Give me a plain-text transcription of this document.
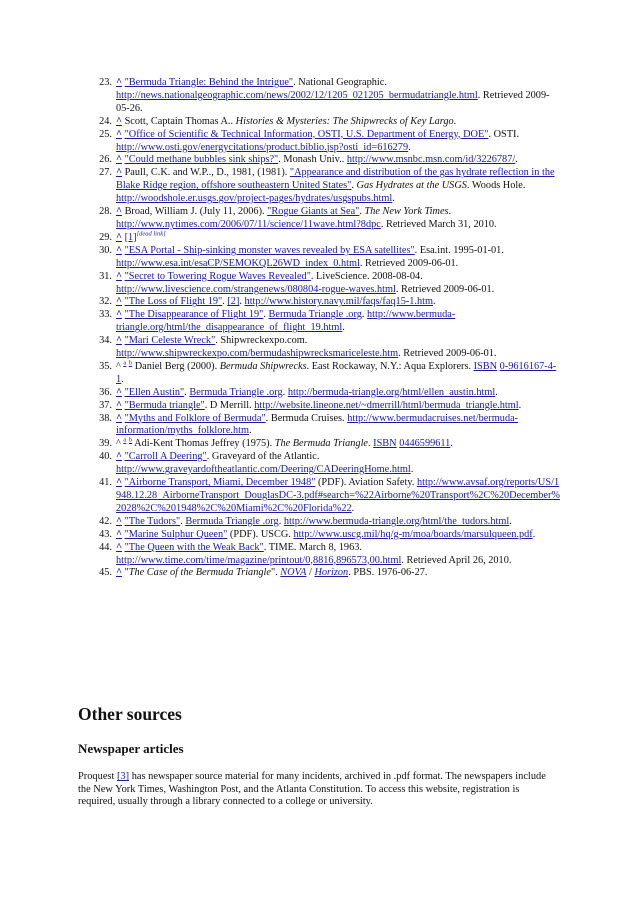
23. ^ "Bermuda Triangle: Behind the Intrigue". National Geographic. http://news.nationalgeographic.com/news/2002/12/1205_021205_bermudatriangle.html. Retrieved 2009-05-26.
24. ^ Scott, Captain Thomas A.. Histories & Mysteries: The Shipwrecks of Key Largo.
25. ^ "Office of Scientific & Technical Information, OSTI, U.S. Department of Energy, DOE". OSTI. http://www.osti.gov/energycitations/product.biblio.jsp?osti_id=616279.
26. ^ "Could methane bubbles sink ships?". Monash Univ.. http://www.msnbc.msn.com/id/3226787/.
27. ^ Paull, C.K. and W.P.., D., 1981, (1981). "Appearance and distribution of the gas hydrate reflection in the Blake Ridge region, offshore southeastern United States". Gas Hydrates at the USGS. Woods Hole. http://woodshole.er.usgs.gov/project-pages/hydrates/usgspubs.html.
28. ^ Broad, William J. (July 11, 2006). "Rogue Giants at Sea". The New York Times. http://www.nytimes.com/2006/07/11/science/11wave.html?8dpc. Retrieved March 31, 2010.
29. ^ [1][dead link]
30. ^ "ESA Portal - Ship-sinking monster waves revealed by ESA satellites". Esa.int. 1995-01-01. http://www.esa.int/esaCP/SEMOKQL26WD_index_0.html. Retrieved 2009-06-01.
31. ^ "Secret to Towering Rogue Waves Revealed". LiveScience. 2008-08-04. http://www.livescience.com/strangenews/080804-rogue-waves.html. Retrieved 2009-06-01.
32. ^ "The Loss of Flight 19". [2]. http://www.history.navy.mil/faqs/faq15-1.htm.
33. ^ "The Disappearance of Flight 19". Bermuda Triangle .org. http://www.bermuda-triangle.org/html/the_disappearance_of_flight_19.html.
34. ^ "Mari Celeste Wreck". Shipwreckexpo.com. http://www.shipwreckexpo.com/bermudashipwrecksmariceleste.htm. Retrieved 2009-06-01.
35. ^ $^a$ $^b$ Daniel Berg (2000). Bermuda Shipwrecks. East Rockaway, N.Y.: Aqua Explorers. ISBN 0-9616167-4-1.
36. ^ "Ellen Austin". Bermuda Triangle .org. http://bermuda-triangle.org/html/ellen_austin.html.
37. ^ "Bermuda triangle". D Merrill. http://website.lineone.net/~dmerrill/html/bermuda_triangle.html.
38. ^ "Myths and Folklore of Bermuda". Bermuda Cruises. http://www.bermudacruises.net/bermuda-information/myths_folklore.htm.
39. ^ $^a$ $^b$ Adi-Kent Thomas Jeffrey (1975). The Bermuda Triangle. ISBN 0446599611.
40. ^ "Carroll A Deering". Graveyard of the Atlantic. http://www.graveyardoftheatlantic.com/Deering/CADeeringHome.html.
41. ^ "Airborne Transport, Miami, December 1948" (PDF). Aviation Safety. http://www.avsaf.org/reports/US/1948.12.28_AirborneTransport_DouglasDC-3.pdf#search=%22Airborne%20Transport%2C%20December%2028%2C%201948%2C%20Miami%2C%20Florida%22.
42. ^ "The Tudors". Bermuda Triangle .org. http://www.bermuda-triangle.org/html/the_tudors.html.
43. ^ "Marine Sulphur Queen" (PDF). USCG. http://www.uscg.mil/hq/g-m/moa/boards/marsulqueen.pdf.
44. ^ "The Queen with the Weak Back". TIME. March 8, 1963. http://www.time.com/time/magazine/printout/0,8816,896573,00.html. Retrieved April 26, 2010.
45. ^ "The Case of the Bermuda Triangle". NOVA / Horizon. PBS. 1976-06-27.
Other sources
Newspaper articles

Proquest [3] has newspaper source material for many incidents, archived in .pdf format. The newspapers include the New York Times, Washington Post, and the Atlanta Constitution. To access this website, registration is required, usually through a library connected to a college or university.
